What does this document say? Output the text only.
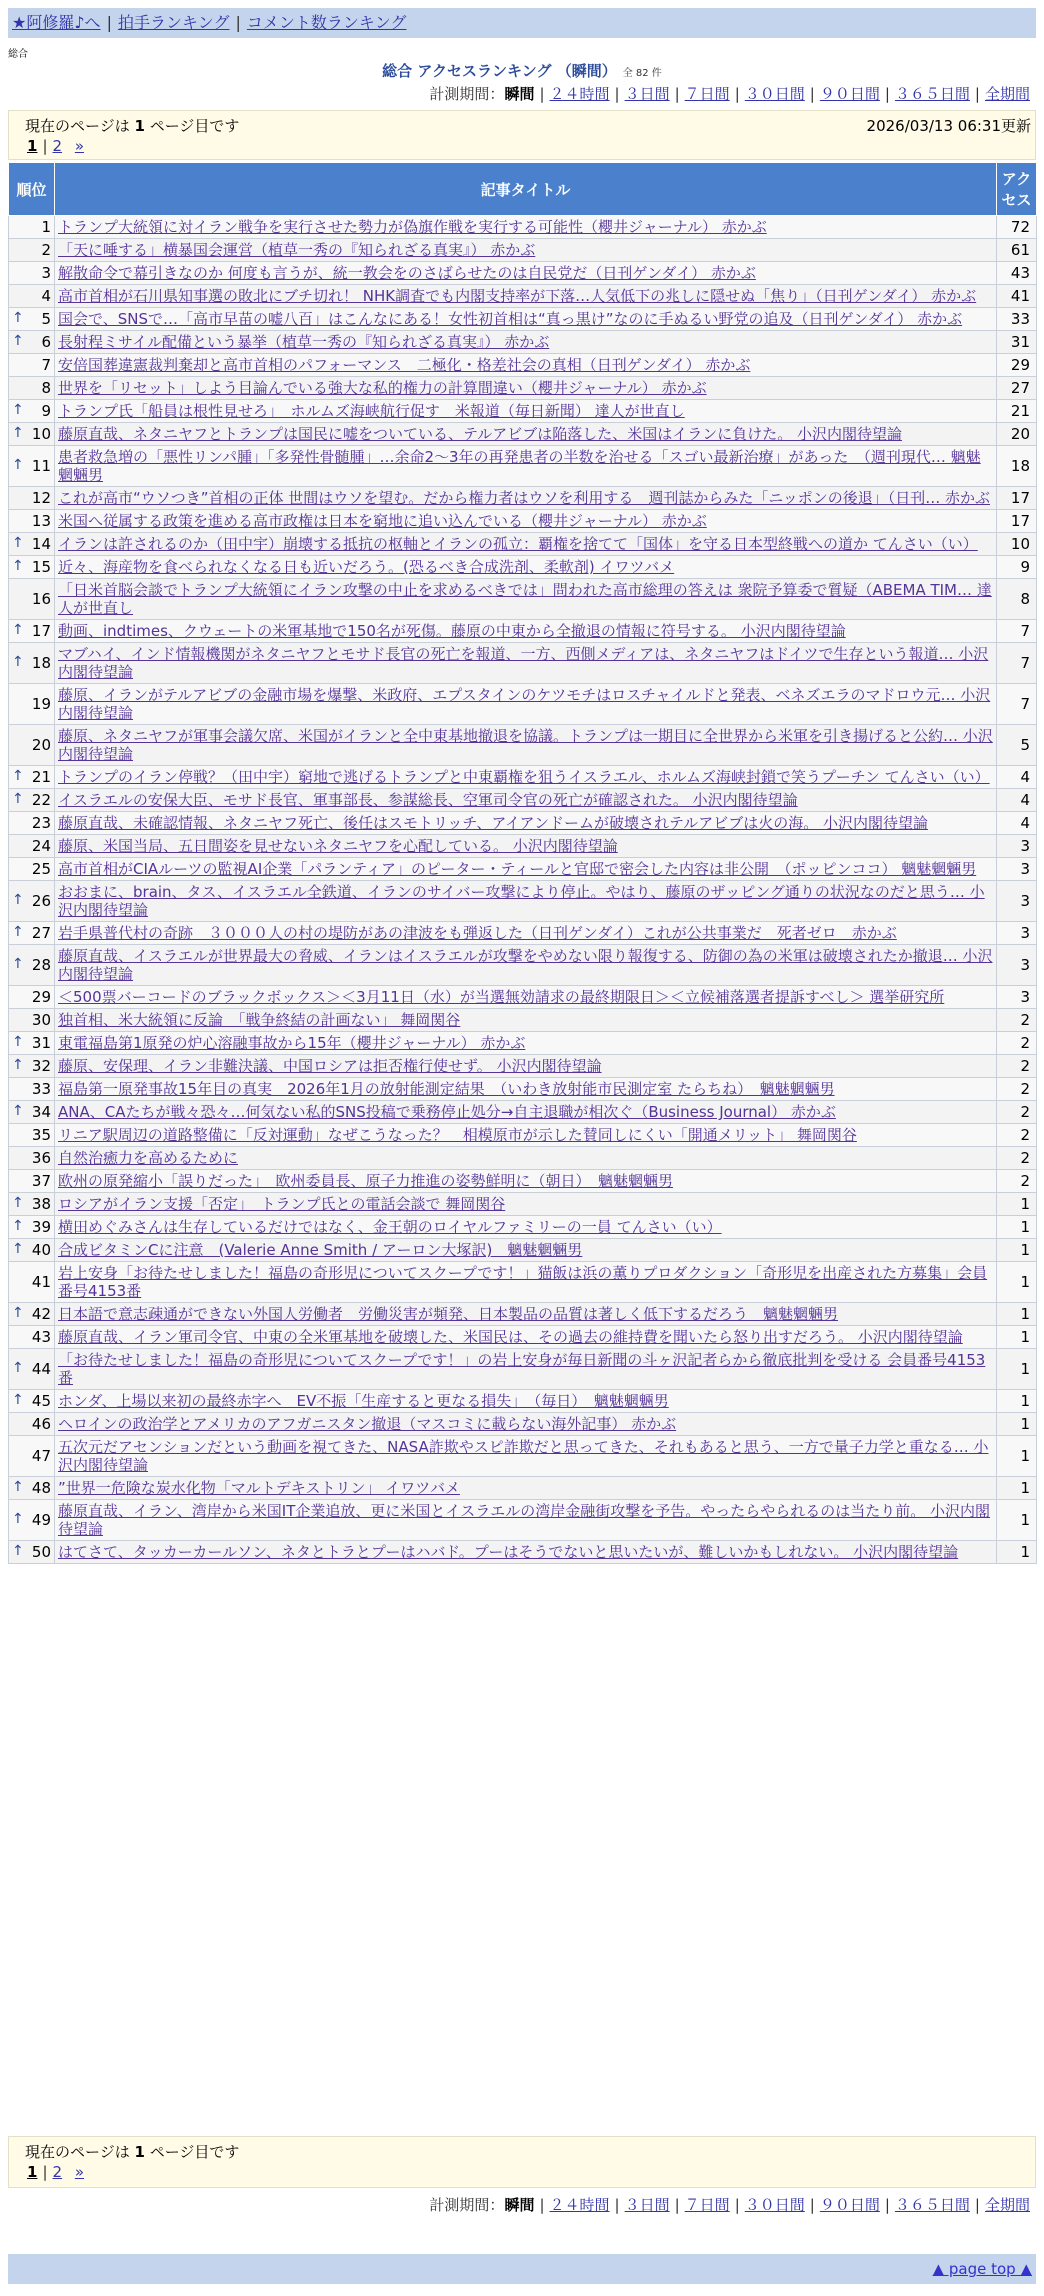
★阿修羅♪へ | 拍手ランキング | コメント数ランキング
総合
総合 アクセスランキング （瞬間） 全 82 件
計測期間：瞬間 | ２４時間 | ３日間 | ７日間 | ３０日間 | ９０日間 | ３６５日間 | 全期間
現在のページは 1 ページ目です	2026/03/13 06:31更新
1 | 2 »
順位	記事タイトル	アクセス
1	トランプ大統領に対イラン戦争を実行させた勢力が偽旗作戦を実行する可能性（櫻井ジャーナル） 赤かぶ	72
2	「天に唾する」横暴国会運営（植草一秀の『知られざる真実』） 赤かぶ	61
3	解散命令で幕引きなのか 何度も言うが、統一教会をのさばらせたのは自民党だ（日刊ゲンダイ） 赤かぶ	43
4	高市首相が石川県知事選の敗北にブチ切れ！ NHK調査でも内閣支持率が下落…人気低下の兆しに隠せぬ「焦り」（日刊ゲンダイ） 赤かぶ	41

↑ 5	国会で、SNSで…「高市早苗の嘘八百」はこんなにある！女性初首相は“真っ黒け”なのに手ぬるい野党の追及（日刊ゲンダイ） 赤かぶ	33

↑ 6	長射程ミサイル配備という暴挙（植草一秀の『知られざる真実』） 赤かぶ	31
7	安倍国葬違憲裁判棄却と高市首相のパフォーマンス　二極化・格差社会の真相（日刊ゲンダイ） 赤かぶ	29
8	世界を「リセット」しよう目論んでいる強大な私的権力の計算間違い（櫻井ジャーナル） 赤かぶ	27

↑ 9	トランプ氏「船員は根性見せろ」　ホルムズ海峡航行促す　米報道（毎日新聞） 達人が世直し	21

↑ 10	藤原直哉、ネタニヤフとトランプは国民に嘘をついている、テルアビブは陥落した、米国はイランに負けた。 小沢内閣待望論	20

↑ 11	患者救急増の「悪性リンパ腫」「多発性骨髄腫」…余命2～3年の再発患者の半数を治せる「スゴい最新治療」があった　（週刊現代… 魑魅魍魎男	18
12	これが高市“ウソつき”首相の正体 世間はウソを望む。だから権力者はウソを利用する　週刊誌からみた「ニッポンの後退」（日刊… 赤かぶ	17
13	米国へ従属する政策を進める高市政権は日本を窮地に追い込んでいる（櫻井ジャーナル） 赤かぶ	17

↑ 14	イランは許されるのか（田中宇）崩壊する抵抗の枢軸とイランの孤立：覇権を捨てて「国体」を守る日本型終戦への道か てんさい（い）	10

↑ 15	近々、海産物を食べられなくなる日も近いだろう。(恐るべき合成洗剤、柔軟剤) イワツバメ	9
16	「日米首脳会談でトランプ大統領にイラン攻撃の中止を求めるべきでは」問われた高市総理の答えは 衆院予算委で質疑（ABEMA TIM… 達人が世直し	8

↑ 17	動画、indtimes、クウェートの米軍基地で150名が死傷。藤原の中東から全撤退の情報に符号する。 小沢内閣待望論	7

↑ 18	マブハイ、インド情報機関がネタニヤフとモサド長官の死亡を報道、一方、西側メディアは、ネタニヤフはドイツで生存という報道… 小沢内閣待望論	7
19	藤原、イランがテルアビブの金融市場を爆撃、米政府、エプスタインのケツモチはロスチャイルドと発表、ベネズエラのマドロウ元… 小沢内閣待望論	7
20	藤原、ネタニヤフが軍事会議欠席、米国がイランと全中東基地撤退を協議。トランプは一期目に全世界から米軍を引き揚げると公約… 小沢内閣待望論	5

↑ 21	トランプのイラン停戦？（田中宇）窮地で逃げるトランプと中東覇権を狙うイスラエル、ホルムズ海峡封鎖で笑うプーチン てんさい（い）	4

↑ 22	イスラエルの安保大臣、モサド長官、軍事部長、参謀総長、空軍司令官の死亡が確認された。 小沢内閣待望論	4
23	藤原直哉、未確認情報、ネタニヤフ死亡、後任はスモトリッチ、アイアンドームが破壊されテルアビブは火の海。 小沢内閣待望論	4
24	藤原、米国当局、五日間姿を見せないネタニヤフを心配している。 小沢内閣待望論	3
25	高市首相がCIAルーツの監視AI企業「パランティア」のピーター・ティールと官邸で密会した内容は非公開　（ポッピンココ） 魑魅魍魎男	3

↑ 26	おおまに、brain、タス、イスラエル全鉄道、イランのサイバー攻撃により停止。やはり、藤原のザッピング通りの状況なのだと思う… 小沢内閣待望論	3

↑ 27	岩手県普代村の奇跡　３０００人の村の堤防があの津波をも弾返した（日刊ゲンダイ）これが公共事業だ　死者ゼロ　赤かぶ	3

↑ 28	藤原直哉、イスラエルが世界最大の脅威、イランはイスラエルが攻撃をやめない限り報復する、防御の為の米軍は破壊されたか撤退… 小沢内閣待望論	3
29	＜500票バーコードのブラックボックス＞＜3月11日（水）が当選無効請求の最終期限日＞＜立候補落選者提訴すべし＞ 選挙研究所	3
30	独首相、米大統領に反論　「戦争終結の計画ない」 舞岡関谷	2

↑ 31	東電福島第1原発の炉心溶融事故から15年（櫻井ジャーナル） 赤かぶ	2

↑ 32	藤原、安保理、イラン非難決議、中国ロシアは拒否権行使せず。 小沢内閣待望論	2
33	福島第一原発事故15年目の真実　2026年1月の放射能測定結果　（いわき放射能市民測定室 たらちね）　魑魅魍魎男	2

↑ 34	ANA、CAたちが戦々恐々…何気ない私的SNS投稿で乗務停止処分→自主退職が相次ぐ（Business Journal） 赤かぶ	2
35	リニア駅周辺の道路整備に「反対運動」なぜこうなった？　相模原市が示した賛同しにくい「開通メリット」 舞岡関谷	2
36	自然治癒力を高めるために	2
37	欧州の原発縮小「誤りだった」　欧州委員長、原子力推進の姿勢鮮明に（朝日）　魑魅魍魎男	2

↑ 38	ロシアがイラン支援「否定」　トランプ氏との電話会談で 舞岡関谷	1

↑ 39	横田めぐみさんは生存しているだけではなく、金王朝のロイヤルファミリーの一員 てんさい（い）	1

↑ 40	合成ビタミンCに注意　(Valerie Anne Smith / アーロン大塚訳)　魑魅魍魎男	1
41	岩上安身「お待たせしました！福島の奇形児についてスクープです！」猫飯は浜の薫りプロダクション「奇形児を出産された方募集」会員番号4153番	1

↑ 42	日本語で意志疎通ができない外国人労働者　労働災害が頻発、日本製品の品質は著しく低下するだろう　魑魅魍魎男	1
43	藤原直哉、イラン軍司令官、中東の全米軍基地を破壊した、米国民は、その過去の維持費を聞いたら怒り出すだろう。 小沢内閣待望論	1

↑ 44	「お待たせしました！福島の奇形児についてスクープです！」の岩上安身が毎日新聞の斗ヶ沢記者らから徹底批判を受ける 会員番号4153番	1

↑ 45	ホンダ、上場以来初の最終赤字へ　EV不振「生産すると更なる損失」　（毎日）　魑魅魍魎男	1
46	ヘロインの政治学とアメリカのアフガニスタン撤退（マスコミに載らない海外記事） 赤かぶ	1
47	五次元だアセンションだという動画を視てきた、NASA詐欺やスピ詐欺だと思ってきた、それもあると思う、一方で量子力学と重なる… 小沢内閣待望論	1

↑ 48	”世界一危険な炭水化物「マルトデキストリン」 イワツバメ	1

↑ 49	藤原直哉、イラン、湾岸から米国IT企業追放、更に米国とイスラエルの湾岸金融街攻撃を予告。やったらやられるのは当たり前。 小沢内閣待望論	1

↑ 50	はてさて、タッカーカールソン、ネタとトラとプーはハバド。プーはそうでないと思いたいが、難しいかもしれない。 小沢内閣待望論	1
現在のページは 1 ページ目です
1 | 2 »
計測期間：瞬間 | ２４時間 | ３日間 | ７日間 | ３０日間 | ９０日間 | ３６５日間 | 全期間
▲ page top ▲
